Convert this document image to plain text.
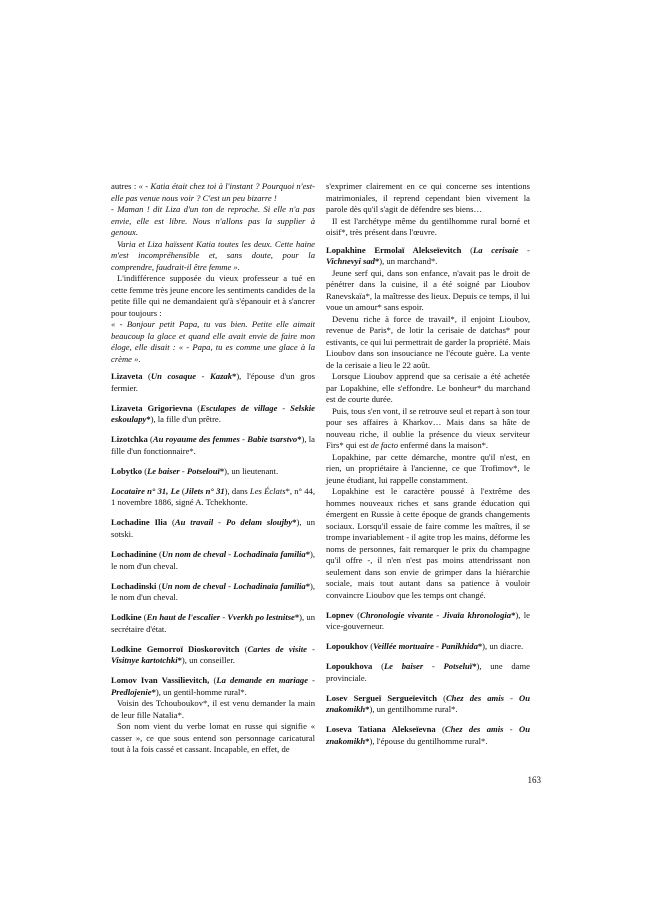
autres : « - Katia était chez toi à l'instant ? Pourquoi n'est-elle pas venue nous voir ? C'est un peu bizarre !

- Maman ! dit Liza d'un ton de reproche. Si elle n'a pas envie, elle est libre. Nous n'allons pas la supplier à genoux.

Varia et Liza haïssent Katia toutes les deux. Cette haine m'est incompréhensible et, sans doute, pour la comprendre, faudrait-il être femme ».

L'indifférence supposée du vieux professeur a tué en cette femme très jeune encore les sentiments candides de la petite fille qui ne demandaient qu'à s'épanouir et à s'ancrer pour toujours :

« - Bonjour petit Papa, tu vas bien. Petite elle aimait beaucoup la glace et quand elle avait envie de faire mon éloge, elle disait : « - Papa, tu es comme une glace à la crème ».

Lizaveta (Un cosaque - Kazak*), l'épouse d'un gros fermier.

Lizaveta Grigorievna (Esculapes de village - Selskie eskoulapy*), la fille d'un prêtre.

Lizotchka (Au royaume des femmes - Babie tsarstvo*), la fille d'un fonctionnaire*.

Lobytko (Le baiser - Potselouï*), un lieutenant.

Locataire n° 31, Le (Jilets n° 31), dans Les Éclats*, n° 44, 1 novembre 1886, signé A. Tchekhonte.

Lochadine Ilia (Au travail - Po delam sloujby*), un sotski.

Lochadinine (Un nom de cheval - Lochadinaïa familia*), le nom d'un cheval.

Lochadinski (Un nom de cheval - Lochadinaïa familia*), le nom d'un cheval.

Lodkine (En haut de l'escalier - Vverkh po lestnitse*), un secrétaire d'état.

Lodkine Gemorroï Dioskorovitch (Cartes de visite - Visitnye kartotchki*), un conseiller.

Lomov Ivan Vassilievitch, (La demande en mariage - Predlojenie*), un gentil-homme rural*.

Voisin des Tchouboukov*, il est venu demander la main de leur fille Natalia*.

Son nom vient du verbe lomat en russe qui signifie « casser », ce que sous entend son personnage caricatural tout à la fois cassé et cassant. Incapable, en effet, de

s'exprimer clairement en ce qui concerne ses intentions matrimoniales, il reprend cependant bien vivement la parole dès qu'il s'agit de défendre ses biens…

Il est l'archétype même du gentilhomme rural borné et oisif*, très présent dans l'œuvre.

Lopakhine Ermolaï Alekseïevitch (La cerisaie - Vichnevyi sad*), un marchand*.

Jeune serf qui, dans son enfance, n'avait pas le droit de pénétrer dans la cuisine, il a été soigné par Lioubov Ranevskaïa*, la maîtresse des lieux. Depuis ce temps, il lui voue un amour* sans espoir.

Devenu riche à force de travail*, il enjoint Lioubov, revenue de Paris*, de lotir la cerisaie de datchas* pour estivants, ce qui lui permettrait de garder la propriété. Mais Lioubov dans son insouciance ne l'écoute guère. La vente de la cerisaie a lieu le 22 août.

Lorsque Lioubov apprend que sa cerisaie a été achetée par Lopakhine, elle s'effondre. Le bonheur* du marchand est de courte durée.

Puis, tous s'en vont, il se retrouve seul et repart à son tour pour ses affaires à Kharkov… Mais dans sa hâte de nouveau riche, il oublie la présence du vieux serviteur Firs* qui est de facto enfermé dans la maison*.

Lopakhine, par cette démarche, montre qu'il n'est, en rien, un propriétaire à l'ancienne, ce que Trofimov*, le jeune étudiant, lui rappelle constamment.

Lopakhine est le caractère poussé à l'extrême des hommes nouveaux riches et sans grande éducation qui émergent en Russie à cette époque de grands changements sociaux. Lorsqu'il essaie de faire comme les maîtres, il se trompe invariablement - il agite trop les mains, déforme les noms de personnes, fait remarquer le prix du champagne qu'il offre -, il n'en n'est pas moins attendrissant non seulement dans son envie de grimper dans la hiérarchie sociale, mais tout autant dans sa patience à vouloir convaincre Lioubov que les temps ont changé.

Lopnev (Chronologie vivante - Jivaïa khronologia*), le vice-gouverneur.

Lopoukhov (Veillée mortuaire - Panikhida*), un diacre.

Lopoukhova (Le baiser - Potseluï*), une dame provinciale.

Losev Sergueï Sergueïevitch (Chez des amis - Ou znakomikh*), un gentilhomme rural*.

Loseva Tatiana Alekseïevna (Chez des amis - Ou znakomikh*), l'épouse du gentilhomme rural*.

163
